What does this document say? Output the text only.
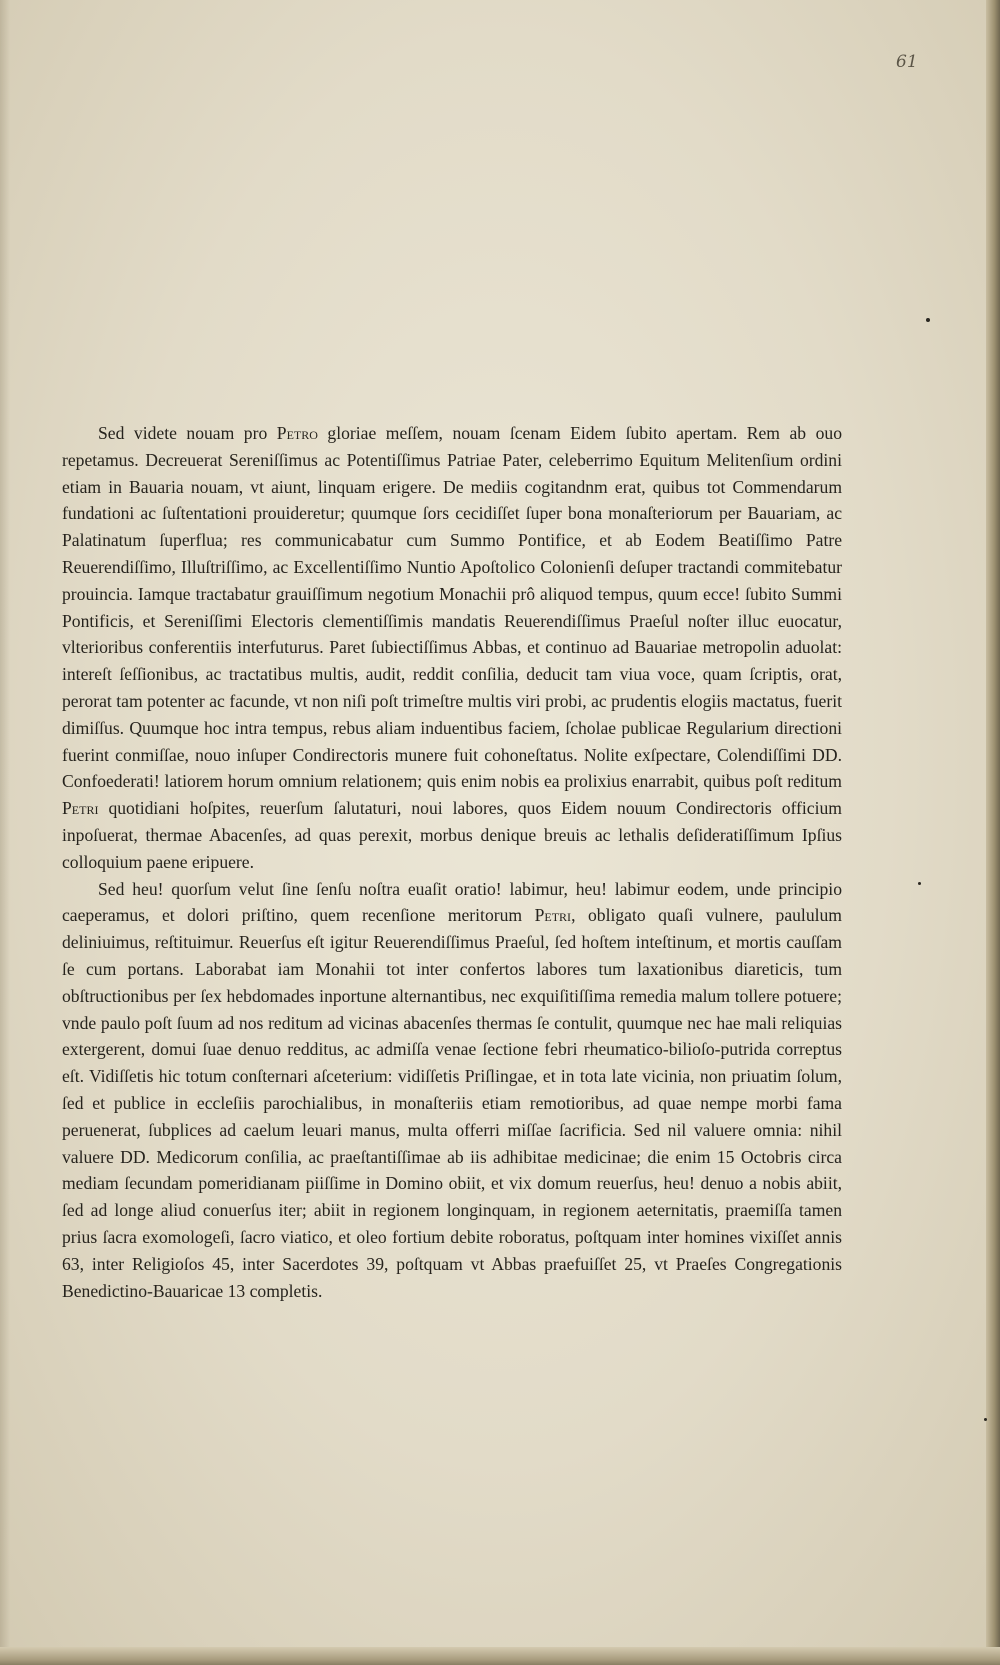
61

Sed videte nouam pro Petro gloriae meſſem, nouam ſcenam Eidem ſubito apertam. Rem ab ouo repetamus. Decreuerat Sereniſſimus ac Potentiſſimus Patriae Pater, celeberrimo Equitum Melitenſium ordini etiam in Bauaria nouam, vt aiunt, linquam erigere. De mediis cogitandnm erat, quibus tot Commendarum fundationi ac ſuſtentationi prouideretur; quumque ſors cecidiſſet ſuper bona monaſteriorum per Bauariam, ac Palatinatum ſuperflua; res communicabatur cum Summo Pontifice, et ab Eodem Beatiſſimo Patre Reuerendiſſimo, Illuſtriſſimo, ac Excellentiſſimo Nuntio Apoſtolico Colonienſi deſuper tractandi commitebatur prouincia. Iamque tractabatur grauiſſimum negotium Monachii prô aliquod tempus, quum ecce! ſubito Summi Pontificis, et Sereniſſimi Electoris clementiſſimis mandatis Reuerendiſſimus Praeſul noſter illuc euocatur, vlterioribus conferentiis interfuturus. Paret ſubiectiſſimus Abbas, et continuo ad Bauariae metropolin aduolat: intereſt ſeſſionibus, ac tractatibus multis, audit, reddit conſilia, deducit tam viua voce, quam ſcriptis, orat, perorat tam potenter ac facunde, vt non niſi poſt trimeſtre multis viri probi, ac prudentis elogiis mactatus, fuerit dimiſſus. Quumque hoc intra tempus, rebus aliam induentibus faciem, ſcholae publicae Regularium directioni fuerint conmiſſae, nouo inſuper Condirectoris munere fuit cohoneſtatus. Nolite exſpectare, Colendiſſimi DD. Confoederati! latiorem horum omnium relationem; quis enim nobis ea prolixius enarrabit, quibus poſt reditum Petri quotidiani hoſpites, reuerſum ſalutaturi, noui labores, quos Eidem nouum Condirectoris officium inpoſuerat, thermae Abacenſes, ad quas perexit, morbus denique breuis ac lethalis deſideratiſſimum Ipſius colloquium paene eripuere.

Sed heu! quorſum velut ſine ſenſu noſtra euaſit oratio! labimur, heu! labimur eodem, unde principio caeperamus, et dolori priſtino, quem recenſione meritorum Petri, obligato quaſi vulnere, paululum deliniuimus, reſtituimur. Reuerſus eſt igitur Reuerendiſſimus Praeſul, ſed hoſtem inteſtinum, et mortis cauſſam ſe cum portans. Laborabat iam Monahii tot inter confertos labores tum laxationibus diareticis, tum obſtructionibus per ſex hebdomades inportune alternantibus, nec exquiſitiſſima remedia malum tollere potuere; vnde paulo poſt ſuum ad nos reditum ad vicinas abacenſes thermas ſe contulit, quumque nec hae mali reliquias extergerent, domui ſuae denuo redditus, ac admiſſa venae ſectione febri rheumatico-bilioſo-putrida correptus eſt. Vidiſſetis hic totum conſternari aſceterium: vidiſſetis Priſlingae, et in tota late vicinia, non priuatim ſolum, ſed et publice in eccleſiis parochialibus, in monaſteriis etiam remotioribus, ad quae nempe morbi fama peruenerat, ſubplices ad caelum leuari manus, multa offerri miſſae ſacrificia. Sed nil valuere omnia: nihil valuere DD. Medicorum conſilia, ac praeſtantiſſimae ab iis adhibitae medicinae; die enim 15 Octobris circa mediam ſecundam pomeridianam piiſſime in Domino obiit, et vix domum reuerſus, heu! denuo a nobis abiit, ſed ad longe aliud conuerſus iter; abiit in regionem longinquam, in regionem aeternitatis, praemiſſa tamen prius ſacra exomologeſi, ſacro viatico, et oleo fortium debite roboratus, poſtquam inter homines vixiſſet annis 63, inter Religioſos 45, inter Sacerdotes 39, poſtquam vt Abbas praefuiſſet 25, vt Praeſes Congregationis Benedictino-Bauaricae 13 completis.
